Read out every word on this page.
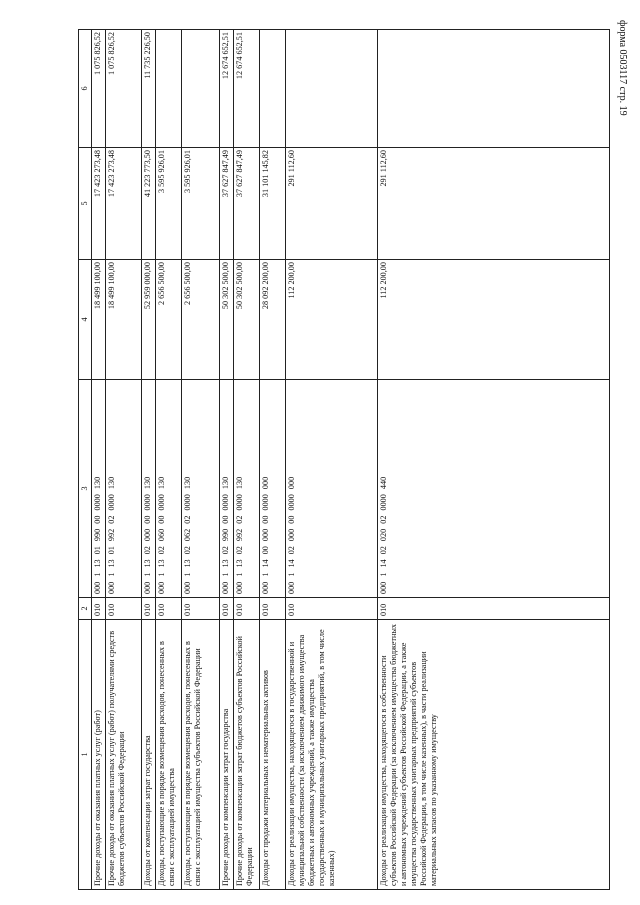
форма 0503117 стр. 19
1	2	3	4	5	6
Прочие доходы от оказания платных услуг (работ)	010	000 1 13 01 990 00 0000 130	18 499 100,00	17 423 273,48	1 075 826,52
Прочие доходы от оказания платных услуг (работ) получателями средств бюджетов субъектов Российской Федерации	010	000 1 13 01 992 02 0000 130	18 499 100,00	17 423 273,48	1 075 826,52
Доходы от компенсации затрат государства	010	000 1 13 02 000 00 0000 130	52 959 000,00	41 223 773,50	11 735 226,50
Доходы, поступающие в порядке возмещения расходов, понесенных в связи с эксплуатацией имущества	010	000 1 13 02 060 00 0000 130	2 656 500,00	3 595 926,01	
Доходы, поступающие в порядке возмещения расходов, понесенных в связи с эксплуатацией имущества субъектов Российской Федерации	010	000 1 13 02 062 02 0000 130	2 656 500,00	3 595 926,01	
Прочие доходы от компенсации затрат государства	010	000 1 13 02 990 00 0000 130	50 302 500,00	37 627 847,49	12 674 652,51
Прочие доходы от компенсации затрат бюджетов субъектов Российской Федерации	010	000 1 13 02 992 02 0000 130	50 302 500,00	37 627 847,49	12 674 652,51
Доходы от продажи материальных и нематериальных активов	010	000 1 14 00 000 00 0000 000	28 092 200,00	31 101 145,82	
Доходы от реализации имущества, находящегося в государственной и муниципальной собственности (за исключением движимого имущества бюджетных и автономных учреждений, а также имущества государственных и муниципальных унитарных предприятий, в том числе казенных)	010	000 1 14 02 000 00 0000 000	112 200,00	291 112,60	
Доходы от реализации имущества, находящегося в собственности субъектов Российской Федерации (за исключением имущества бюджетных и автономных учреждений субъектов Российской Федерации, а также имущества государственных унитарных предприятий субъектов Российской Федерации, в том числе казенных), в части реализации материальных запасов по указанному имуществу	010	000 1 14 02 020 02 0000 440	112 200,00	291 112,60	
